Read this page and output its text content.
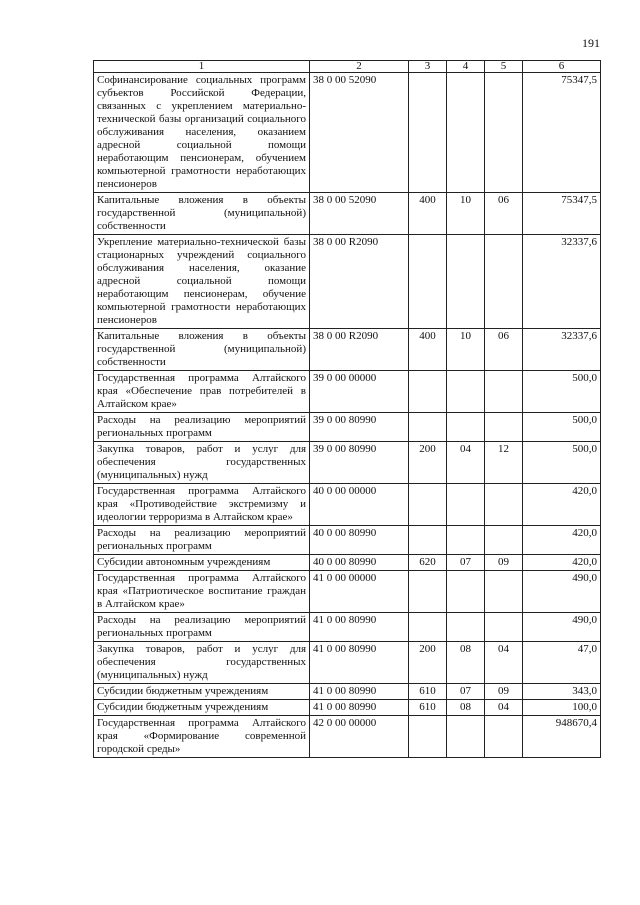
191
1	2	3	4	5	6
Софинансирование социальных программ субъектов Российской Федерации, связанных с укреплением материально-технической базы организаций социального обслуживания населения, оказанием адресной социальной помощи неработающим пенсионерам, обучением компьютерной грамотности неработающих пенсионеров	38 0 00 52090				75347,5
Капитальные вложения в объекты государственной (муниципальной) собственности	38 0 00 52090	400	10	06	75347,5
Укрепление материально-технической базы стационарных учреждений социального обслуживания населения, оказание адресной социальной помощи неработающим пенсионерам, обучение компьютерной грамотности неработающих пенсионеров	38 0 00 R2090				32337,6
Капитальные вложения в объекты государственной (муниципальной) собственности	38 0 00 R2090	400	10	06	32337,6
Государственная программа Алтайского края «Обеспечение прав потребителей в Алтайском крае»	39 0 00 00000				500,0
Расходы на реализацию мероприятий региональных программ	39 0 00 80990				500,0
Закупка товаров, работ и услуг для обеспечения государственных (муниципальных) нужд	39 0 00 80990	200	04	12	500,0
Государственная программа Алтайского края «Противодействие экстремизму и идеологии терроризма в Алтайском крае»	40 0 00 00000				420,0
Расходы на реализацию мероприятий региональных программ	40 0 00 80990				420,0
Субсидии автономным учреждениям	40 0 00 80990	620	07	09	420,0
Государственная программа Алтайского края «Патриотическое воспитание граждан в Алтайском крае»	41 0 00 00000				490,0
Расходы на реализацию мероприятий региональных программ	41 0 00 80990				490,0
Закупка товаров, работ и услуг для обеспечения государственных (муниципальных) нужд	41 0 00 80990	200	08	04	47,0
Субсидии бюджетным учреждениям	41 0 00 80990	610	07	09	343,0
Субсидии бюджетным учреждениям	41 0 00 80990	610	08	04	100,0
Государственная программа Алтайского края «Формирование современной городской среды»	42 0 00 00000				948670,4
